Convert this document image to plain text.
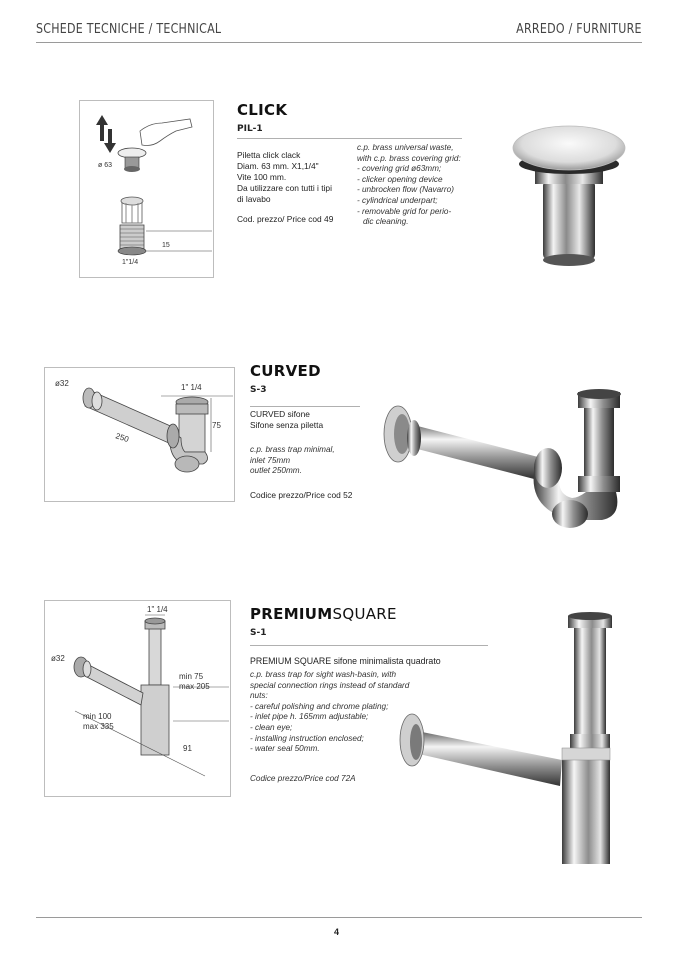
SCHEDE TECNICHE / TECHNICAL	ARREDO / FURNITURE
ø 63
15
1"1/4
CLICK
PIL-1
Piletta click clack
Diam. 63 mm. X1,1/4"
Vite 100 mm.
Da utilizzare con tutti i tipi
di lavabo
Cod. prezzo/ Price cod 49
c.p. brass universal waste,
with c.p. brass covering grid:
- covering grid ø63mm;
- clicker opening device
- unbrocken flow (Navarro)
- cylindrical underpart;
- removable grid for perio-
dic cleaning.
ø32	1" 1/4
75
250
CURVED
S-3
CURVED sifone
Sifone senza piletta
c.p. brass trap minimal,
inlet 75mm
outlet 250mm.
Codice prezzo/Price cod 52
1" 1/4
ø32
min 75
max 205
min 100
max 335
91
PREMIUMSQUARE
S-1
PREMIUM SQUARE sifone minimalista quadrato
c.p. brass trap for sight wash-basin, with
special connection rings instead of standard
nuts:
- careful polishing and chrome plating;
- inlet pipe h. 165mm adjustable;
- clean eye;
- installing instruction enclosed;
- water seal 50mm.
Codice prezzo/Price cod 72A
4
